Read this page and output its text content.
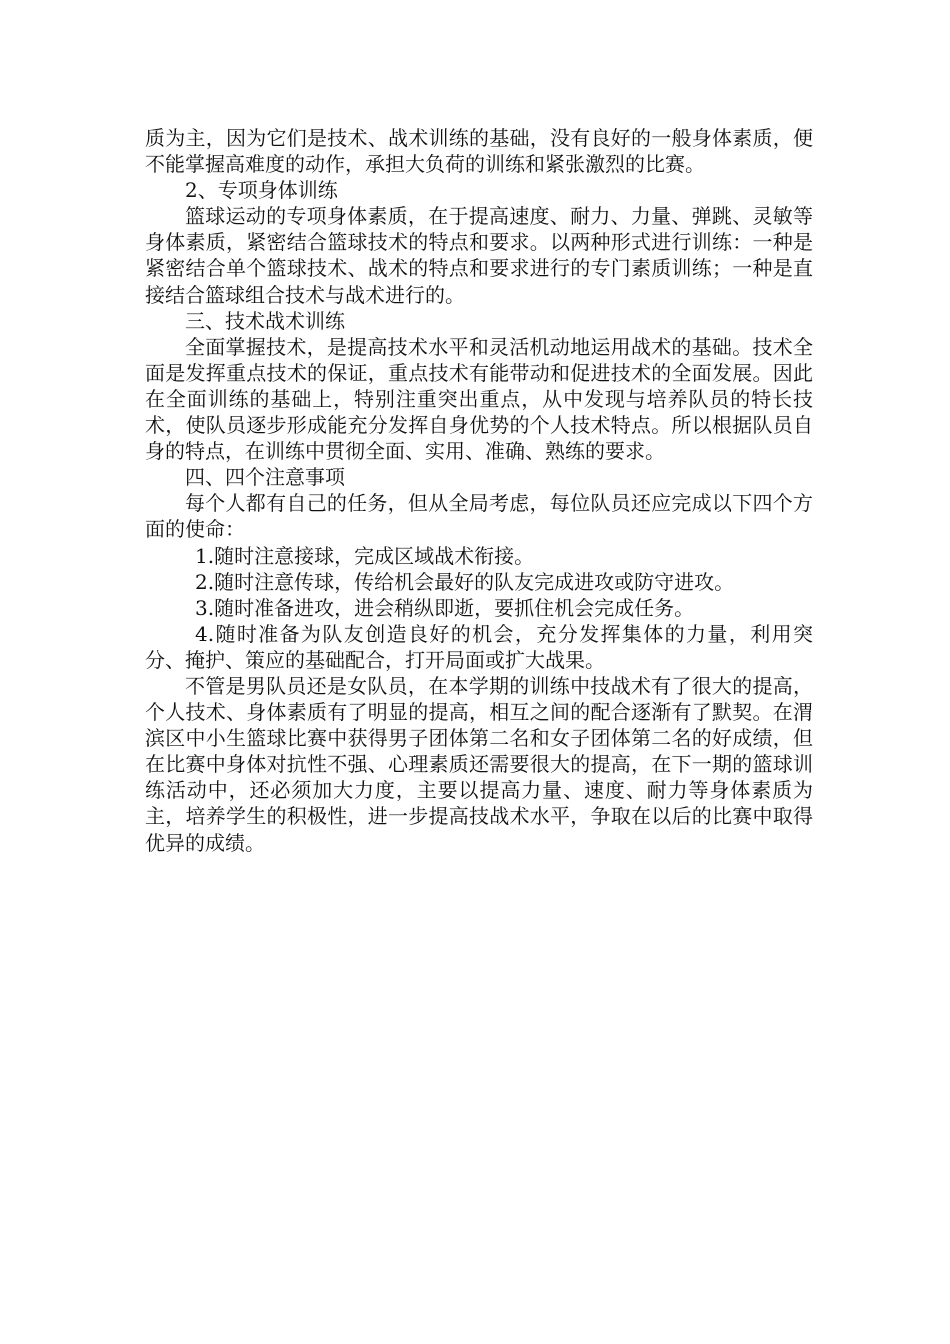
质为主，因为它们是技术、战术训练的基础，没有良好的一般身体素质，便不能掌握高难度的动作，承担大负荷的训练和紧张激烈的比赛。

2、专项身体训练

篮球运动的专项身体素质，在于提高速度、耐力、力量、弹跳、灵敏等身体素质，紧密结合篮球技术的特点和要求。以两种形式进行训练：一种是紧密结合单个篮球技术、战术的特点和要求进行的专门素质训练；一种是直接结合篮球组合技术与战术进行的。

三、技术战术训练

全面掌握技术，是提高技术水平和灵活机动地运用战术的基础。技术全面是发挥重点技术的保证，重点技术有能带动和促进技术的全面发展。因此在全面训练的基础上，特别注重突出重点，从中发现与培养队员的特长技术，使队员逐步形成能充分发挥自身优势的个人技术特点。所以根据队员自身的特点，在训练中贯彻全面、实用、准确、熟练的要求。

四、四个注意事项

每个人都有自己的任务，但从全局考虑，每位队员还应完成以下四个方面的使命：

1.随时注意接球，完成区域战术衔接。

2.随时注意传球，传给机会最好的队友完成进攻或防守进攻。

3.随时准备进攻，进会稍纵即逝，要抓住机会完成任务。

4.随时准备为队友创造良好的机会，充分发挥集体的力量，利用突分、掩护、策应的基础配合，打开局面或扩大战果。

不管是男队员还是女队员，在本学期的训练中技战术有了很大的提高，个人技术、身体素质有了明显的提高，相互之间的配合逐渐有了默契。在渭滨区中小生篮球比赛中获得男子团体第二名和女子团体第二名的好成绩，但在比赛中身体对抗性不强、心理素质还需要很大的提高，在下一期的篮球训练活动中，还必须加大力度，主要以提高力量、速度、耐力等身体素质为主，培养学生的积极性，进一步提高技战术水平，争取在以后的比赛中取得优异的成绩。
